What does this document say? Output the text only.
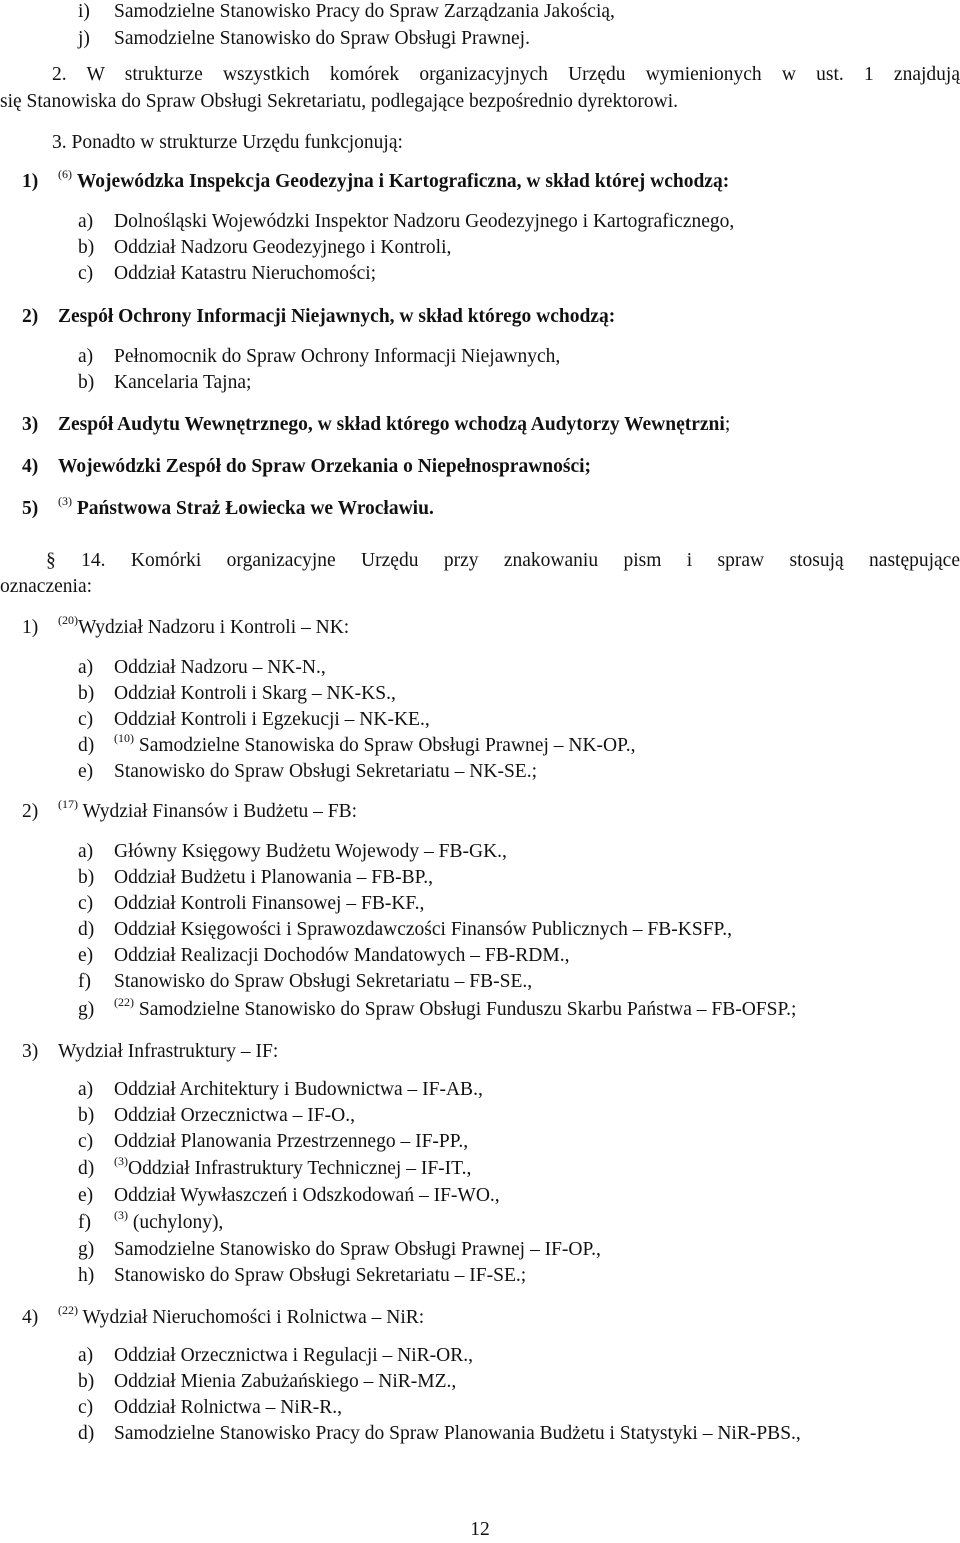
i) Samodzielne Stanowisko Pracy do Spraw Zarządzania Jakością,
j) Samodzielne Stanowisko do Spraw Obsługi Prawnej.
2. W strukturze wszystkich komórek organizacyjnych Urzędu wymienionych w ust. 1 znajdują
się Stanowiska do Spraw Obsługi Sekretariatu, podlegające bezpośrednio dyrektorowi.
3. Ponadto w strukturze Urzędu funkcjonują:
1) $^{(6)}$ Wojewódzka Inspekcja Geodezyjna i Kartograficzna, w skład której wchodzą:
a) Dolnośląski Wojewódzki Inspektor Nadzoru Geodezyjnego i Kartograficznego,
b) Oddział Nadzoru Geodezyjnego i Kontroli,
c) Oddział Katastru Nieruchomości;
2) Zespół Ochrony Informacji Niejawnych, w skład którego wchodzą:
a) Pełnomocnik do Spraw Ochrony Informacji Niejawnych,
b) Kancelaria Tajna;
3) Zespół Audytu Wewnętrznego, w skład którego wchodzą Audytorzy Wewnętrzni;
4) Wojewódzki Zespół do Spraw Orzekania o Niepełnosprawności;
5) $^{(3)}$ Państwowa Straż Łowiecka we Wrocławiu.
§ 14. Komórki organizacyjne Urzędu przy znakowaniu pism i spraw stosują następujące
oznaczenia:
1) $^{(20)}$Wydział Nadzoru i Kontroli – NK:
a) Oddział Nadzoru – NK-N.,
b) Oddział Kontroli i Skarg – NK-KS.,
c) Oddział Kontroli i Egzekucji – NK-KE.,
d) $^{(10)}$ Samodzielne Stanowiska do Spraw Obsługi Prawnej – NK-OP.,
e) Stanowisko do Spraw Obsługi Sekretariatu – NK-SE.;
2) $^{(17)}$ Wydział Finansów i Budżetu – FB:
a) Główny Księgowy Budżetu Wojewody – FB-GK.,
b) Oddział Budżetu i Planowania – FB-BP.,
c) Oddział Kontroli Finansowej – FB-KF.,
d) Oddział Księgowości i Sprawozdawczości Finansów Publicznych – FB-KSFP.,
e) Oddział Realizacji Dochodów Mandatowych – FB-RDM.,
f) Stanowisko do Spraw Obsługi Sekretariatu – FB-SE.,
g) $^{(22)}$ Samodzielne Stanowisko do Spraw Obsługi Funduszu Skarbu Państwa – FB-OFSP.;
3) Wydział Infrastruktury – IF:
a) Oddział Architektury i Budownictwa – IF-AB.,
b) Oddział Orzecznictwa – IF-O.,
c) Oddział Planowania Przestrzennego – IF-PP.,
d) $^{(3)}$Oddział Infrastruktury Technicznej – IF-IT.,
e) Oddział Wywłaszczeń i Odszkodowań – IF-WO.,
f) $^{(3)}$ (uchylony),
g) Samodzielne Stanowisko do Spraw Obsługi Prawnej – IF-OP.,
h) Stanowisko do Spraw Obsługi Sekretariatu – IF-SE.;
4) $^{(22)}$ Wydział Nieruchomości i Rolnictwa – NiR:
a) Oddział Orzecznictwa i Regulacji – NiR-OR.,
b) Oddział Mienia Zabużańskiego – NiR-MZ.,
c) Oddział Rolnictwa – NiR-R.,
d) Samodzielne Stanowisko Pracy do Spraw Planowania Budżetu i Statystyki – NiR-PBS.,
12
